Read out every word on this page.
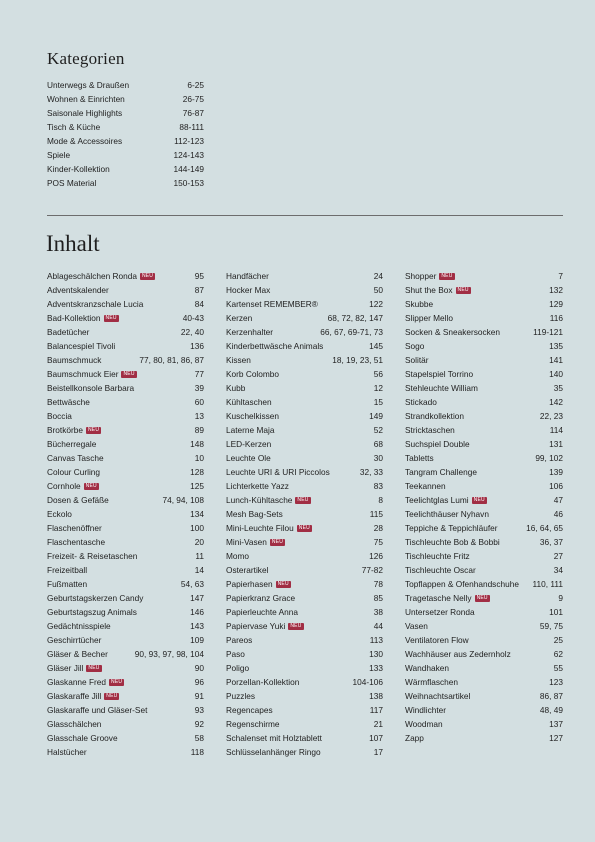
Kategorien
Unterwegs & Draußen	6-25
Wohnen & Einrichten	26-75
Saisonale Highlights	76-87
Tisch & Küche	88-111
Mode & Accessoires	112-123
Spiele	124-143
Kinder-Kollektion	144-149
POS Material	150-153
Inhalt
Ablageschälchen Ronda	NEU	95
Adventskalender	87
Adventskranzschale Lucia	84
Bad-Kollektion	NEU	40-43
Badetücher	22, 40
Balancespiel Tivoli	136
Baumschmuck	77, 80, 81, 86, 87
Baumschmuck Eier	NEU	77
Beistellkonsole Barbara	39
Bettwäsche	60
Boccia	13
Brotkörbe	NEU	89
Bücherregale	148
Canvas Tasche	10
Colour Curling	128
Cornhole	NEU	125
Dosen & Gefäße	74, 94, 108
Eckolo	134
Flaschenöffner	100
Flaschentasche	20
Freizeit- & Reisetaschen	11
Freizeitball	14
Fußmatten	54, 63
Geburtstagskerzen Candy	147
Geburtstagszug Animals	146
Gedächtnisspiele	143
Geschirrtücher	109
Gläser & Becher	90, 93, 97, 98, 104
Gläser Jill	NEU	90
Glaskanne Fred	NEU	96
Glaskaraffe Jill	NEU	91
Glaskaraffe und Gläser-Set	93
Glasschälchen	92
Glasschale Groove	58
Halstücher	118
Handfächer	24
Hocker Max	50
Kartenset REMEMBER®	122
Kerzen	68, 72, 82, 147
Kerzenhalter	66, 67, 69-71, 73
Kinderbettwäsche Animals	145
Kissen	18, 19, 23, 51
Korb Colombo	56
Kubb	12
Kühltaschen	15
Kuschelkissen	149
Laterne Maja	52
LED-Kerzen	68
Leuchte Ole	30
Leuchte URI & URI Piccolos	32, 33
Lichterkette Yazz	83
Lunch-Kühltasche	NEU	8
Mesh Bag-Sets	115
Mini-Leuchte Filou	NEU	28
Mini-Vasen	NEU	75
Momo	126
Osterartikel	77-82
Papierhasen	NEU	78
Papierkranz Grace	85
Papierleuchte Anna	38
Papiervase Yuki	NEU	44
Pareos	113
Paso	130
Poligo	133
Porzellan-Kollektion	104-106
Puzzles	138
Regencapes	117
Regenschirme	21
Schalenset mit Holztablett	107
Schlüsselanhänger Ringo	17
Shopper	NEU	7
Shut the Box	NEU	132
Skubbe	129
Slipper Mello	116
Socken & Sneakersocken	119-121
Sogo	135
Solitär	141
Stapelspiel Torrino	140
Stehleuchte William	35
Stickado	142
Strandkollektion	22, 23
Stricktaschen	114
Suchspiel Double	131
Tabletts	99, 102
Tangram Challenge	139
Teekannen	106
Teelichtglas Lumi	NEU	47
Teelichthäuser Nyhavn	46
Teppiche & Teppichläufer	16, 64, 65
Tischleuchte Bob & Bobbi	36, 37
Tischleuchte Fritz	27
Tischleuchte Oscar	34
Topflappen & Ofenhandschuhe 110, 111
Tragetasche Nelly	NEU	9
Untersetzer Ronda	101
Vasen	59, 75
Ventilatoren Flow	25
Wachhäuser aus Zedernholz	62
Wandhaken	55
Wärmflaschen	123
Weihnachtsartikel	86, 87
Windlichter	48, 49
Woodman	137
Zapp	127
